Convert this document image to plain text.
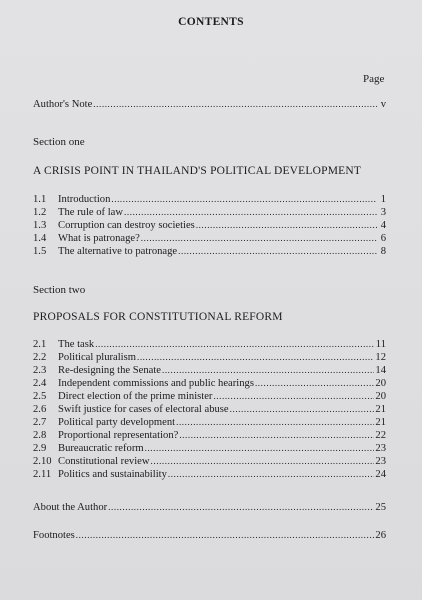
CONTENTS
Page
Author's Note .....	v
Section one
A CRISIS POINT IN THAILAND'S POLITICAL DEVELOPMENT
1.1	Introduction .....	1
1.2	The rule of law .....	3
1.3	Corruption can destroy societies .....	4
1.4	What is patronage? .....	6
1.5	The alternative to patronage .....	8
Section two
PROPOSALS FOR CONSTITUTIONAL REFORM
2.1	The task .....	11
2.2	Political pluralism .....	12
2.3	Re-designing the Senate .....	14
2.4	Independent commissions and public hearings .....	20
2.5	Direct election of the prime minister .....	20
2.6	Swift justice for cases of electoral abuse .....	21
2.7	Political party development .....	21
2.8	Proportional representation? .....	22
2.9	Bureaucratic reform .....	23
2.10 Constitutional review .....	23
2.11 Politics and sustainability .....	24
About the Author .....	25
Footnotes .....	26
